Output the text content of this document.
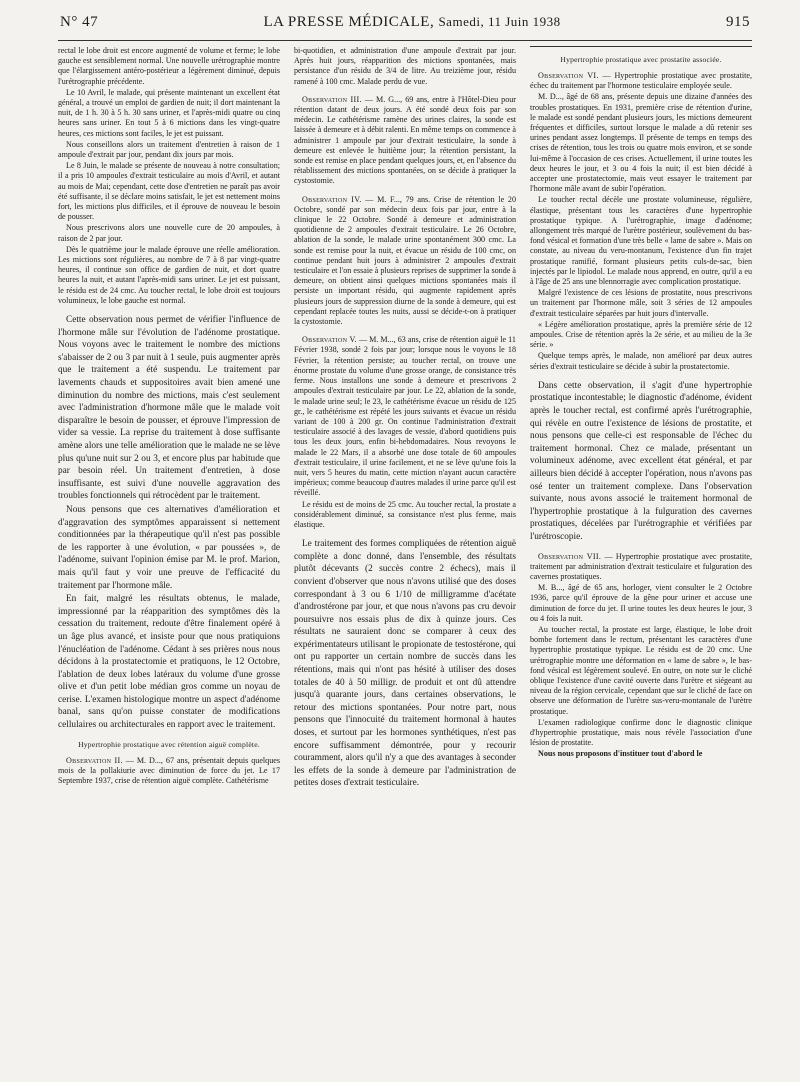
N° 47	LA PRESSE MÉDICALE, Samedi, 11 Juin 1938	915

rectal le lobe droit est encore augmenté de volume et ferme; le lobe gauche est sensiblement normal. Une nouvelle urétrographie montre que l'élargissement antéro-postérieur a légèrement diminué, depuis l'urétrographie précédente.

Le 10 Avril, le malade, qui présente maintenant un excellent état général, a trouvé un emploi de gardien de nuit; il dort maintenant la nuit, de 1 h. 30 à 5 h. 30 sans uriner, et l'après-midi quatre ou cinq heures sans uriner. En tout 5 à 6 mictions dans les vingt-quatre heures, ces mictions sont faciles, le jet est puissant.

Nous conseillons alors un traitement d'entretien à raison de 1 ampoule d'extrait par jour, pendant dix jours par mois.

Le 8 Juin, le malade se présente de nouveau à notre consultation; il a pris 10 ampoules d'extrait testiculaire au mois d'Avril, et autant au mois de Mai; cependant, cette dose d'entretien ne paraît pas avoir été suffisante, il se déclare moins satisfait, le jet est nettement moins fort, les mictions plus difficiles, et il éprouve de nouveau le besoin de pousser.

Nous prescrivons alors une nouvelle cure de 20 ampoules, à raison de 2 par jour.

Dès le quatrième jour le malade éprouve une réelle amélioration. Les mictions sont régulières, au nombre de 7 à 8 par vingt-quatre heures, il continue son office de gardien de nuit, et dort quatre heures la nuit, et autant l'après-midi sans uriner. Le jet est puissant, le résidu est de 24 cmc. Au toucher rectal, le lobe droit est toujours volumineux, le lobe gauche est normal.

Cette observation nous permet de vérifier l'influence de l'hormone mâle sur l'évolution de l'adénome prostatique. Nous voyons avec le traitement le nombre des mictions s'abaisser de 2 ou 3 par nuit à 1 seule, puis augmenter après que le traitement a été suspendu. Le traitement par lavements chauds et suppositoires avait bien amené une diminution du nombre des mictions, mais c'est seulement avec l'administration d'hormone mâle que le malade voit disparaître le besoin de pousser, et éprouve l'impression de vider sa vessie. La reprise du traitement à dose suffisante amène alors une telle amélioration que le malade ne se lève plus qu'une nuit sur 2 ou 3, et encore plus par habitude que par besoin réel. Un traitement d'entretien, à dose insuffisante, est suivi d'une nouvelle aggravation des troubles fonctionnels qui rétrocèdent par le traitement.

Nous pensons que ces alternatives d'amélioration et d'aggravation des symptômes apparaissent si nettement conditionnées par la thérapeutique qu'il n'est pas possible de les rapporter à une évolution, « par poussées », de l'adénome, suivant l'opinion émise par M. le prof. Marion, mais qu'il faut y voir une preuve de l'efficacité du traitement par l'hormone mâle.

En fait, malgré les résultats obtenus, le malade, impressionné par la réapparition des symptômes dès la cessation du traitement, redoute d'être finalement opéré à un âge plus avancé, et insiste pour que nous pratiquions l'énucléation de l'adénome. Cédant à ses prières nous nous décidons à la prostatectomie et pratiquons, le 12 Octobre, l'ablation de deux lobes latéraux du volume d'une grosse olive et d'un petit lobe médian gros comme un noyau de cerise. L'examen histologique montre un aspect d'adénome banal, sans qu'on puisse constater de modifications cellulaires ou architecturales en rapport avec le traitement.

Hypertrophie prostatique avec rétention aiguë complète.

Observation II. — M. D..., 67 ans, présentait depuis quelques mois de la pollakiurie avec diminution de force du jet. Le 17 Septembre 1937, crise de rétention aiguë complète. Cathétérisme

bi-quotidien, et administration d'une ampoule d'extrait par jour. Après huit jours, réapparition des mictions spontanées, mais persistance d'un résidu de 3/4 de litre. Au treizième jour, résidu ramené à 100 cmc. Malade perdu de vue.

Observation III. — M. G..., 69 ans, entre à l'Hôtel-Dieu pour rétention datant de deux jours. A été sondé deux fois par son médecin. Le cathétérisme ramène des urines claires, la sonde est laissée à demeure et à débit ralenti. En même temps on commence à administrer 1 ampoule par jour d'extrait testiculaire, la sonde à demeure est enlevée le huitième jour; la rétention persistant, la sonde est remise en place pendant quelques jours, et, en l'absence du rétablissement des mictions spontanées, on se décide à pratiquer la cystostomie.

Observation IV. — M. F..., 79 ans. Crise de rétention le 20 Octobre, sondé par son médecin deux fois par jour, entre à la clinique le 22 Octobre. Sondé à demeure et administration quotidienne de 2 ampoules d'extrait testiculaire. Le 26 Octobre, ablation de la sonde, le malade urine spontanément 300 cmc. La sonde est remise pour la nuit, et évacue un résidu de 100 cmc, on continue pendant huit jours à administrer 2 ampoules d'extrait testiculaire et l'on essaie à plusieurs reprises de supprimer la sonde à demeure, on obtient ainsi quelques mictions spontanées mais il persiste un important résidu, qui augmente rapidement après plusieurs jours de suppression diurne de la sonde à demeure, qui est cependant replacée toutes les nuits, aussi se décide-t-on à pratiquer la cystostomie.

Observation V. — M. M..., 63 ans, crise de rétention aiguë le 11 Février 1938, sondé 2 fois par jour; lorsque nous le voyons le 18 Février, la rétention persiste; au toucher rectal, on trouve une énorme prostate du volume d'une grosse orange, de consistance très ferme. Nous installons une sonde à demeure et prescrivons 2 ampoules d'extrait testiculaire par jour. Le 22, ablation de la sonde, le malade urine seul; le 23, le cathétérisme évacue un résidu de 125 gr., le cathétérisme est répété les jours suivants et évacue un résidu variant de 100 à 200 gr. On continue l'administration d'extrait testiculaire associé à des lavages de vessie, d'abord quotidiens puis tous les deux jours, enfin bi-hebdomadaires. Nous revoyons le malade le 22 Mars, il a absorbé une dose totale de 60 ampoules d'extrait testiculaire, il urine facilement, et ne se lève qu'une fois la nuit, vers 5 heures du matin, cette miction n'ayant aucun caractère impérieux; comme beaucoup d'autres malades il urine parce qu'il est réveillé.

Le résidu est de moins de 25 cmc. Au toucher rectal, la prostate a considérablement diminué, sa consistance n'est plus ferme, mais élastique.

Le traitement des formes compliquées de rétention aiguë complète a donc donné, dans l'ensemble, des résultats plutôt décevants (2 succès contre 2 échecs), mais il convient d'observer que nous n'avons utilisé que des doses correspondant à 3 ou 6 1/10 de milligramme d'acétate d'androstérone par jour, et que nous n'avons pas cru devoir poursuivre nos essais plus de dix à quinze jours. Ces résultats ne sauraient donc se comparer à ceux des expérimentateurs utilisant le propionate de testostérone, qui ont pu rapporter un certain nombre de succès dans les rétentions, mais qui n'ont pas hésité à utiliser des doses totales de 40 à 50 milligr. de produit et ont dû attendre jusqu'à quarante jours, dans certaines observations, le retour des mictions spontanées. Pour notre part, nous pensons que l'innocuité du traitement hormonal à hautes doses, et surtout par les hormones synthétiques, n'est pas encore suffisamment démontrée, pour y recourir couramment, alors qu'il n'y a que des avantages à seconder les effets de la sonde à demeure par l'administration de petites doses d'extrait testiculaire.

Hypertrophie prostatique avec prostatite associée.

Observation VI. — Hypertrophie prostatique avec prostatite, échec du traitement par l'hormone testiculaire employée seule.

M. D..., âgé de 68 ans, présente depuis une dizaine d'années des troubles prostatiques. En 1931, première crise de rétention d'urine, le malade est sondé pendant plusieurs jours, les mictions demeurent fréquentes et difficiles, surtout lorsque le malade a dû retenir ses urines pendant assez longtemps. Il présente de temps en temps des crises de rétention, tous les trois ou quatre mois environ, et se sonde lui-même à l'occasion de ces crises. Actuellement, il urine toutes les deux heures le jour, et 3 ou 4 fois la nuit; il est bien décidé à accepter une prostatectomie, mais veut essayer le traitement par l'hormone mâle avant de subir l'opération.

Le toucher rectal décèle une prostate volumineuse, régulière, élastique, présentant tous les caractères d'une hypertrophie prostatique typique. A l'urétrographie, image d'adénome; allongement très marqué de l'urètre postérieur, soulèvement du bas-fond vésical et formation d'une très belle « lame de sabre ». Mais on constate, au niveau du veru-montanum, l'existence d'un fin trajet prostatique ramifié, formant plusieurs petits culs-de-sac, bien injectés par le lipiodol. Le malade nous apprend, en outre, qu'il a eu à l'âge de 25 ans une blennorragie avec complication prostatique.

Malgré l'existence de ces lésions de prostatite, nous prescrivons un traitement par l'hormone mâle, soit 3 séries de 12 ampoules d'extrait testiculaire séparées par huit jours d'intervalle.

« Légère amélioration prostatique, après la première série de 12 ampoules. Crise de rétention après la 2e série, et au milieu de la 3e série. »

Quelque temps après, le malade, non amélioré par deux autres séries d'extrait testiculaire se décide à subir la prostatectomie.

Dans cette observation, il s'agit d'une hypertrophie prostatique incontestable; le diagnostic d'adénome, évident après le toucher rectal, est confirmé après l'urétrographie, qui révèle en outre l'existence de lésions de prostatite, et nous pensons que celle-ci est responsable de l'échec du traitement hormonal. Chez ce malade, présentant un volumineux adénome, avec excellent état général, et par ailleurs bien décidé à accepter l'opération, nous n'avons pas osé tenter un traitement complexe. Dans l'observation suivante, nous avons associé le traitement hormonal de l'hypertrophie prostatique à la fulguration des cavernes prostatiques, décelées par l'urétrographie et vérifiées par l'urétroscopie.

Observation VII. — Hypertrophie prostatique avec prostatite, traitement par administration d'extrait testiculaire et fulguration des cavernes prostatiques.

M. B..., âgé de 65 ans, horloger, vient consulter le 2 Octobre 1936, parce qu'il éprouve de la gêne pour uriner et accuse une diminution de force du jet. Il urine toutes les deux heures le jour, 3 ou 4 fois la nuit.

Au toucher rectal, la prostate est large, élastique, le lobe droit bombe fortement dans le rectum, présentant les caractères d'une hypertrophie prostatique typique. Le résidu est de 20 cmc. Une urétrographie montre une déformation en « lame de sabre », le bas-fond vésical est légèrement soulevé. En outre, on note sur le cliché oblique l'existence d'une cavité ouverte dans l'urètre et siégeant au niveau de la région cervicale, cependant que sur le cliché de face on observe une déformation de l'urètre sus-veru-montanale de l'urètre prostatique.

L'examen radiologique confirme donc le diagnostic clinique d'hypertrophie prostatique, mais nous révèle l'association d'une lésion de prostatite.

Nous nous proposons d'instituer tout d'abord le
